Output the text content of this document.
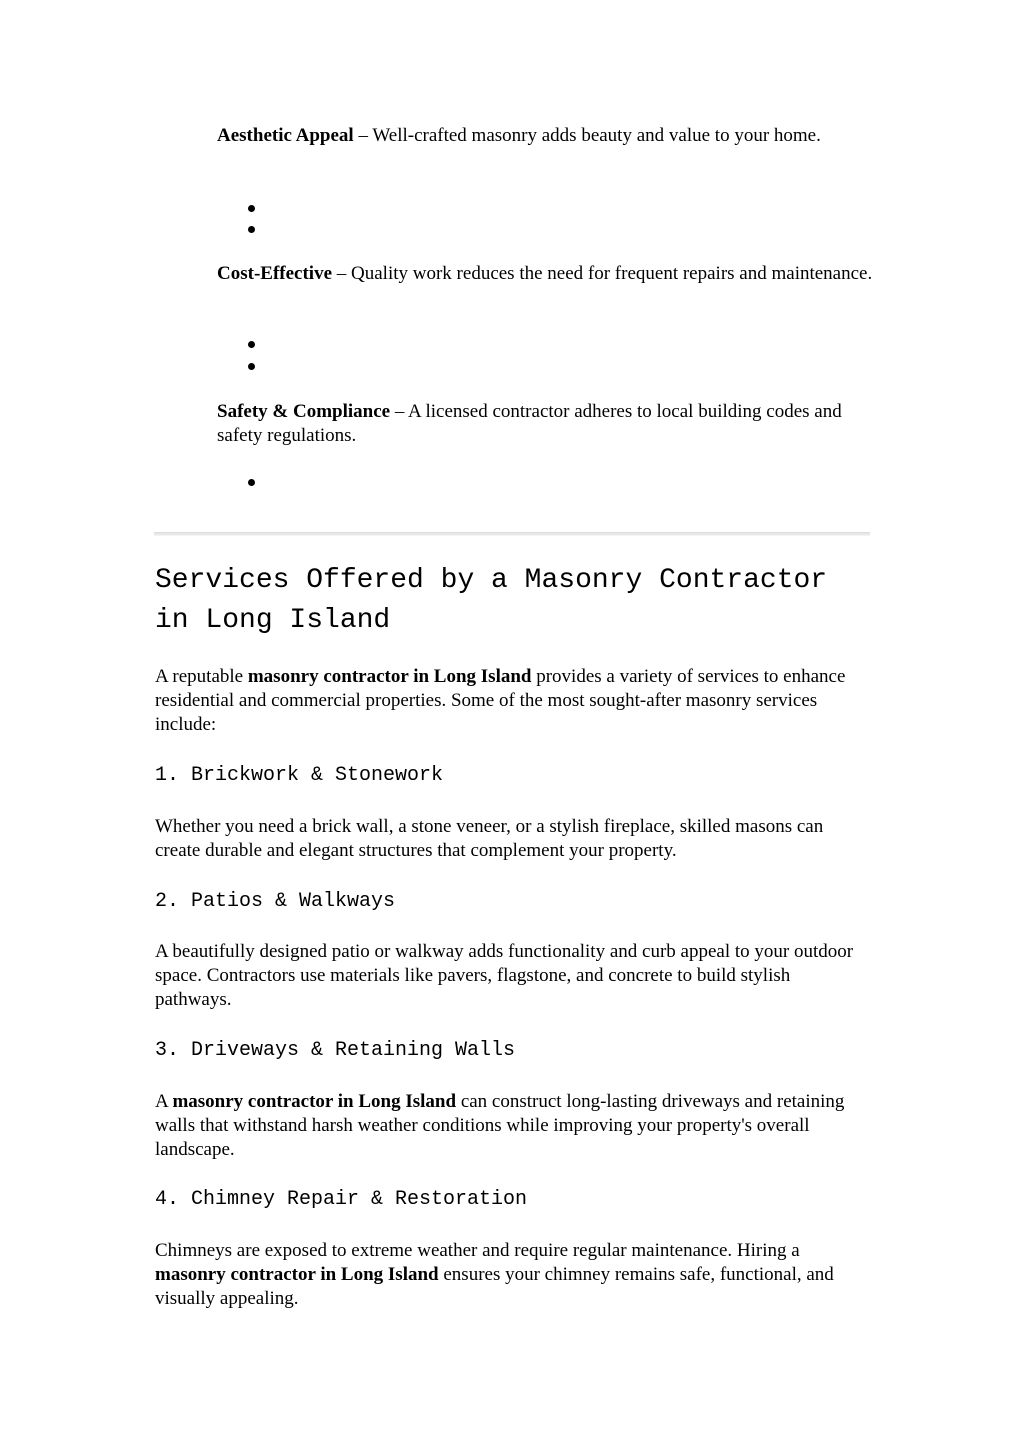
Aesthetic Appeal – Well-crafted masonry adds beauty and value to your home.

Cost-Effective – Quality work reduces the need for frequent repairs and maintenance.

Safety & Compliance – A licensed contractor adheres to local building codes and safety regulations.

Services Offered by a Masonry Contractor in Long Island

A reputable masonry contractor in Long Island provides a variety of services to enhance residential and commercial properties. Some of the most sought-after masonry services include:

1. Brickwork & Stonework

Whether you need a brick wall, a stone veneer, or a stylish fireplace, skilled masons can create durable and elegant structures that complement your property.

2. Patios & Walkways

A beautifully designed patio or walkway adds functionality and curb appeal to your outdoor space. Contractors use materials like pavers, flagstone, and concrete to build stylish pathways.

3. Driveways & Retaining Walls

A masonry contractor in Long Island can construct long-lasting driveways and retaining walls that withstand harsh weather conditions while improving your property's overall landscape.

4. Chimney Repair & Restoration

Chimneys are exposed to extreme weather and require regular maintenance. Hiring a masonry contractor in Long Island ensures your chimney remains safe, functional, and visually appealing.
